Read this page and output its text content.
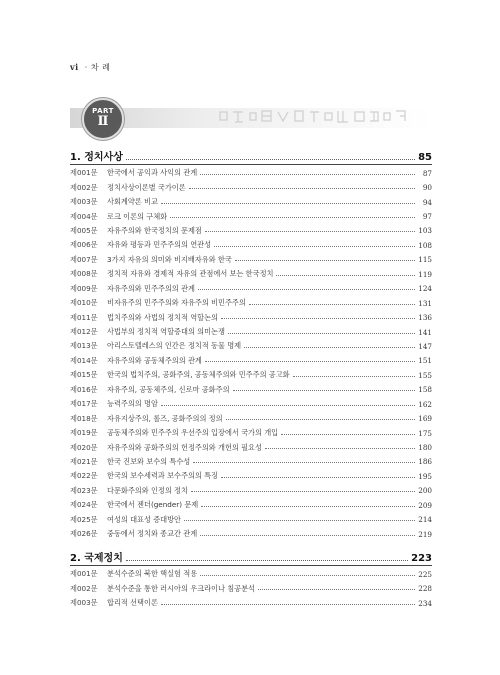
vi · 차 례
PART
Ⅱ
1. 정치사상	85
제001문	한국에서 공익과 사익의 관계	87
제002문	정치사상이론별 국가이론	90
제003문	사회계약론 비교	94
제004문	로크 이론의 구체화	97
제005문	자유주의와 한국정치의 문제점	103
제006문	자유와 평등과 민주주의의 연관성	108
제007문	3가지 자유의 의미와 비지배자유와 한국	115
제008문	정치적 자유와 경제적 자유의 관점에서 보는 한국정치	119
제009문	자유주의와 민주주의의 관계	124
제010문	비자유주의 민주주의와 자유주의 비민주주의	131
제011문	법치주의와 사법의 정치적 역할논의	136
제012문	사법부의 정치적 역할증대의 의미논쟁	141
제013문	아리스토텔레스의 인간은 정치적 동물 명제	147
제014문	자유주의와 공동체주의의 관계	151
제015문	한국의 법치주의, 공화주의, 공동체주의와 민주주의 공고화	155
제016문	자유주의, 공동체주의, 신로마 공화주의	158
제017문	능력주의의 명암	162
제018문	자유지상주의, 롤즈, 공화주의의 정의	169
제019문	공동체주의와 민주주의 우선주의 입장에서 국가의 개입	175
제020문	자유주의와 공화주의의 헌정주의와 개헌의 필요성	180
제021문	한국 진보와 보수의 특수성	186
제022문	한국의 보수세력과 보수주의의 특징	195
제023문	다문화주의와 인정의 정치	200
제024문	한국에서 젠더(gender) 문제	209
제025문	여성의 대표성 증대방안	214
제026문	중동에서 정치와 종교간 관계	219
2. 국제정치	223
제001문	분석수준의 북한 핵실험 적용	225
제002문	분석수준을 통한 러시아의 우크라이나 침공분석	228
제003문	합리적 선택이론	234
